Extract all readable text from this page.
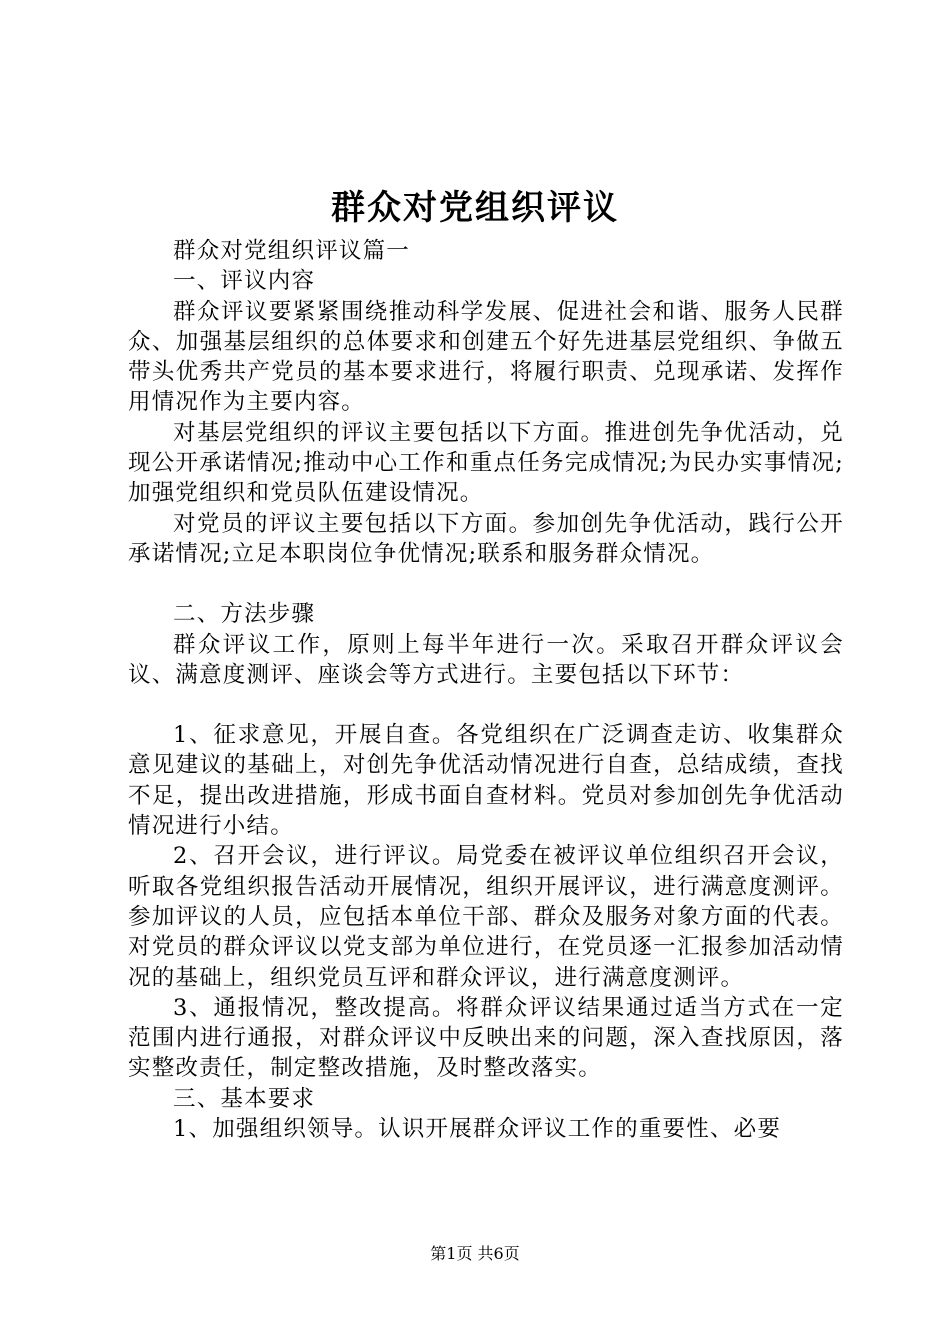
群众对党组织评议

群众对党组织评议篇一

一、评议内容

群众评议要紧紧围绕推动科学发展、促进社会和谐、服务人民群众、加强基层组织的总体要求和创建五个好先进基层党组织、争做五带头优秀共产党员的基本要求进行，将履行职责、兑现承诺、发挥作用情况作为主要内容。

对基层党组织的评议主要包括以下方面。推进创先争优活动，兑现公开承诺情况;推动中心工作和重点任务完成情况;为民办实事情况;加强党组织和党员队伍建设情况。

对党员的评议主要包括以下方面。参加创先争优活动，践行公开承诺情况;立足本职岗位争优情况;联系和服务群众情况。

二、方法步骤

群众评议工作，原则上每半年进行一次。采取召开群众评议会议、满意度测评、座谈会等方式进行。主要包括以下环节：

1、征求意见，开展自查。各党组织在广泛调查走访、收集群众意见建议的基础上，对创先争优活动情况进行自查，总结成绩，查找不足，提出改进措施，形成书面自查材料。党员对参加创先争优活动情况进行小结。

2、召开会议，进行评议。局党委在被评议单位组织召开会议，听取各党组织报告活动开展情况，组织开展评议，进行满意度测评。参加评议的人员，应包括本单位干部、群众及服务对象方面的代表。对党员的群众评议以党支部为单位进行，在党员逐一汇报参加活动情况的基础上，组织党员互评和群众评议，进行满意度测评。

3、通报情况，整改提高。将群众评议结果通过适当方式在一定范围内进行通报，对群众评议中反映出来的问题，深入查找原因，落实整改责任，制定整改措施，及时整改落实。

三、基本要求

1、加强组织领导。认识开展群众评议工作的重要性、必要

第1页 共6页
